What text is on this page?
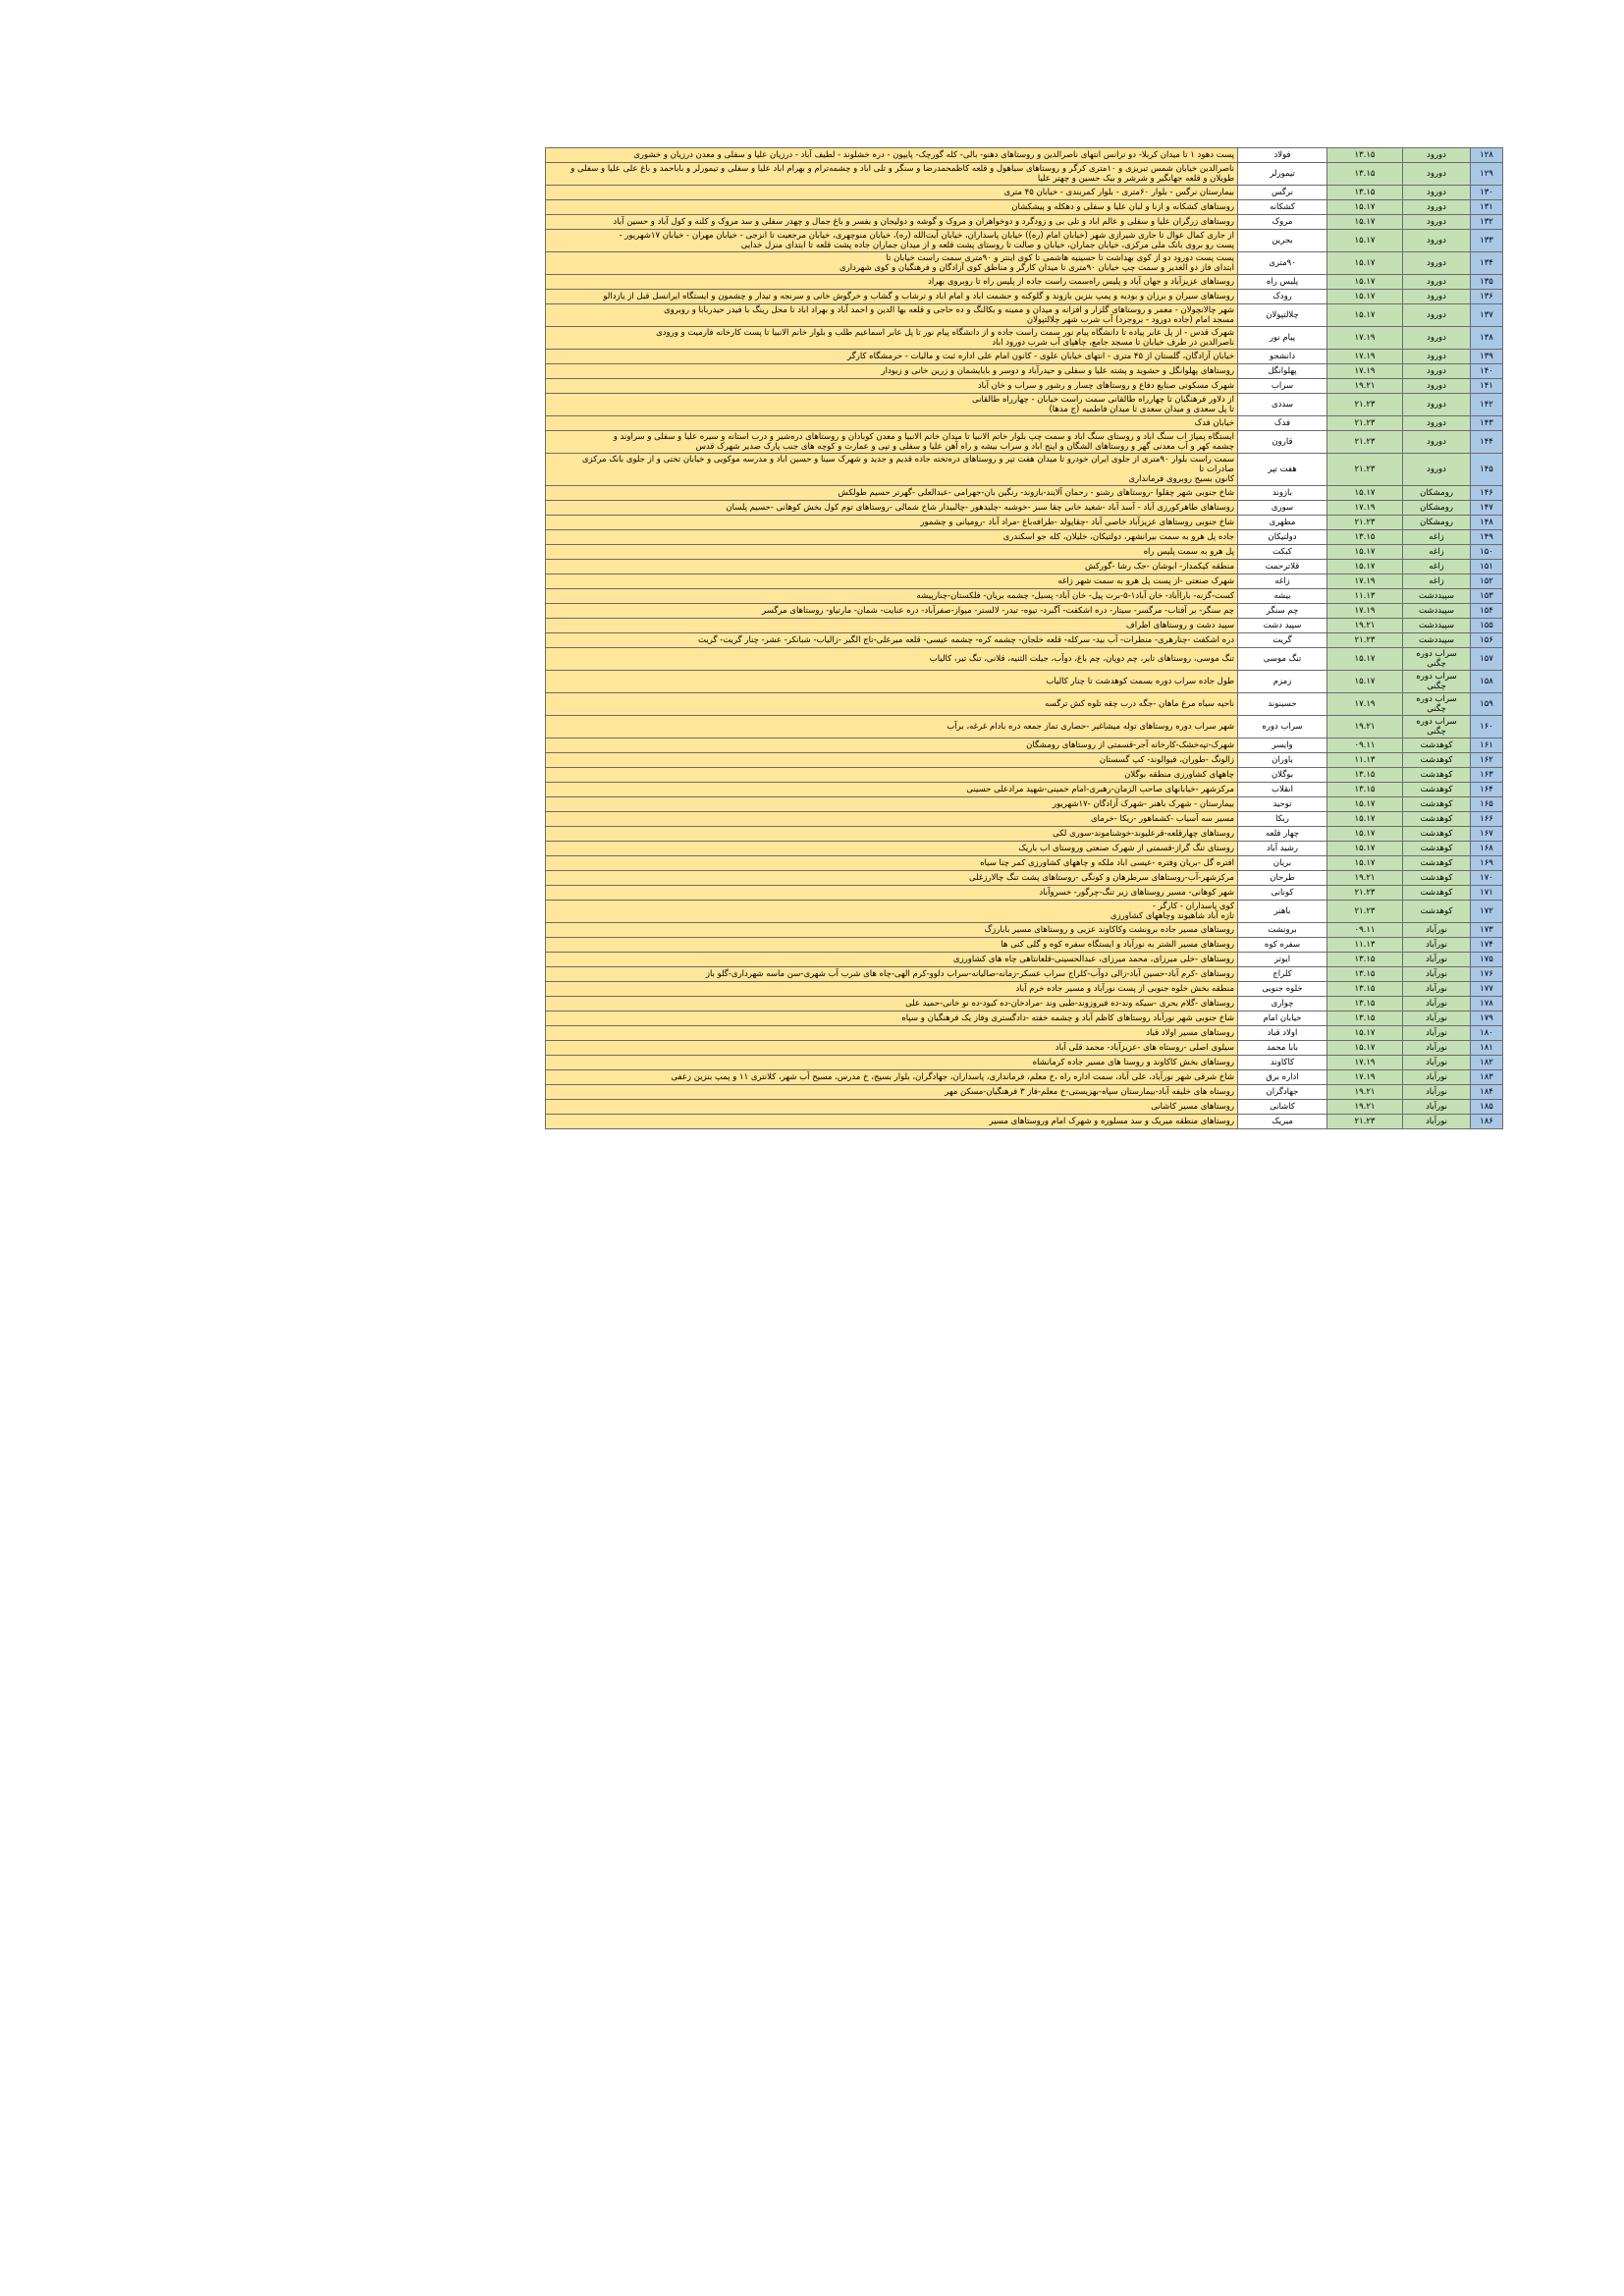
۱۲۸	دورود	۱۳.۱۵	فولاد	پست دهود ۱ تا میدان کربلا- دو ترانس انتهای ناصرالدین و روستاهای دهنو- بالی- کله گورچک- پایپون - دره خشلوند - لطیف آباد - درزیان علیا و سفلی و معدن درزیان و خشوری
۱۲۹	دورود	۱۳.۱۵	تیمورلر	ناصرالدین خیابان شمس تبریزی و ۱۰متری کرگر و روستاهای سیاهول و قلعه کاظمحمدرضا و سنگر و تلی اباد و چشمه‌ترام و بهرام اباد علیا و سفلی و تیمورلر و باباحمد و باغ علی علیا و سفلی و
طویلان و قلعه جهانگیر و شرشر و بیک حسین و چهتر علیا
۱۳۰	دورود	۱۳.۱۵	نرگس	بیمارستان نرگس - بلوار ۶۰متری - بلوار کمربندی - خیابان ۴۵ متری
۱۳۱	دورود	۱۵.۱۷	کشکانه	روستاهای کشکانه و ازنا و لبان علیا و سفلی و دهکله و پیشکشان
۱۳۲	دورود	۱۵.۱۷	مروک	روستاهای زرگران علیا و سفلی و عالم اباد و تلی بی و زودگرد و دوخواهران و مروک و گوشه و دولیجان و بفسر و باغ جمال و چهدر سفلی و سد مروک و کلنه و کول آباد و حسین آباد
۱۳۳	دورود	۱۵.۱۷	بحرین	از جاری کمال عوال تا جاری شیرازی شهر (خیابان امام (ره)) خیابان پاسداران، خیابان آیت‌الله (ره)، خیابان منوچهری، خیابان مرجعیت تا انزجی - خیابان مهران - خیابان ۱۷شهریور -
پست رو بروی بانک ملی مرکزی، خیابان جماران، خیابان و صالت تا روستای پشت قلعه و از میدان جماران جاده پشت قلعه تا ابتدای منزل خدایی
۱۳۴	دورود	۱۵.۱۷	۹۰متری	پست پست دورود دو از کوی بهداشت تا حسینیه هاشمی تا کوی اینتر و ۹۰متری سمت راست خیابان تا
ابتدای فاز دو الغدیر و سمت چپ خیابان ۹۰متری تا میدان کارگر و مناطق کوی آزادگان و فرهنگیان و کوی شهرداری
۱۳۵	دورود	۱۵.۱۷	پلیس راه	روستاهای عزیزآباد و جهان آباد و پلیس راه‌سمت راست جاده از پلیس راه تا روبروی بهراد
۱۳۶	دورود	۱۵.۱۷	رودک	روستاهای سیران و برزان و بودیه و پمپ بنزین بازوند و گلوکنه و حشمت اباد و امام اباد و ترشاب و گشاب و خرگوش خانی و سرنجه و تیدار و چشمون و ایستگاه ایرانسل قبل از یازدالو
۱۳۷	دورود	۱۵.۱۷	چلالتپولان	شهر چالانچولان - معمر و روستاهای گلزار و افزانه و میدان و ممینه و بکالنگ و ده حاجی و قلعه بها الدین و احمد آباد و بهراد اباد تا محل رینگ با فیدر حیدربابا و روبروی
مسجد امام (جاده دورود - بروجرد) آب شرب شهر چلالتپولان
۱۳۸	دورود	۱۷.۱۹	پیام نور	شهرک قدس - از پل عابر پیاده تا دانشگاه پیام نور سمت راست جاده و از دانشگاه پیام نور تا پل عابر اسماعیم طلب و بلوار خانم الانبیا تا پست کارخانه فارمیت و ورودی
ناصرالدین در طرف خیابان تا مسجد جامع، چاهپای آب شرب دورود اباد
۱۳۹	دورود	۱۷.۱۹	دانشجو	خیابان آزادگان، گلستان از ۴۵ متری - انتهای خیابان علوی - کانون امام علی اداره ثبت و مالیات - حرمشگاه کارگر
۱۴۰	دورود	۱۷.۱۹	پهلوانگل	روستاهای پهلوانگل و حشوید و پشته علیا و سفلی و حیدرآباد و دوسر و بابایشمان و زرین خانی و زیودار
۱۴۱	دورود	۱۹.۲۱	سراب	شهرک مسکونی صنایع دفاع و روستاهای چسار و رشور و سراب و خان آباد
۱۴۲	دورود	۲۱.۲۳	سددی	از دلاور فرهنگیان تا چهارراه طالقانی سمت راست خیابان - چهارراه طالقانی
تا پل سعدی و میدان سعدی تا میدان فاطمیه (ج مدها)
۱۴۳	دورود	۲۱.۲۳	فدک	خیابان فدک
۱۴۴	دورود	۲۱.۲۳	قارون	ایستگاه پمپاژ اب سنگ اباد و روستای سنگ اباد و سمت چپ بلوار خاتم الانبیا تا میدان خاتم الانبیا و معدن کوبادان و روستاهای دره‌شیر و درب استانه و سیره علیا و سفلی و سراوند و
چشمه کهر و آب معدنی گهر و روستاهای الشگان و اینج اباد و سراب بیشه و راه آهن علیا و سفلی و تپی و عمارت و کوچه های جنب پارک صدیر شهرک قدس
۱۴۵	دورود	۲۱.۲۳	هفت تپر	سمت راست بلوار ۹۰متری از جلوی ایران خودرو تا میدان هفت تپر و روستاهای دره‌تخته جاده قدیم و جدید و شهرک سینا و حسین اباد و مدرسه موکویی و خیابان تختی و از جلوی بانک مرکزی
صادرات تا
کانون بسیج روبروی فرمانداری
۱۴۶	رومشکان	۱۵.۱۷	بازوند	شاخ جنوبی شهر چقلوا -روستاهای رشنو - رحمان آلایند-بازوند- رنگین بان-جهرامی -عبدالعلی -گهرتر حسیم طولکش
۱۴۷	رومشکان	۱۷.۱۹	سوری	روستاهای طاهرکورزی آباد - آسد آباد -شغید خانی چقا سبز -خوشبه -چلیدهور -چالبیدار شاخ شمالی -روستاهای توم کول بخش کوهانی -حسیم پلسان
۱۴۸	رومشکان	۲۱.۲۳	مطهری	شاخ جنوبی روستاهای عزیزآباد خاصی آباد -چقاپولد -طرافه‌باغ -مراد آباد -رومیانی و چشمور
۱۴۹	زاغه	۱۳.۱۵	دولتیکان	جاده پل هرو به سمت بیرانشهر، دولتیکان، خلیلان، کله جو اسکندری
۱۵۰	زاغه	۱۵.۱۷	کبکت	پل هرو به سمت پلیس راه
۱۵۱	زاغه	۱۵.۱۷	قلاترحمت	منطقه کیکمدار- ابوشان -جک رشا -گورکش
۱۵۲	زاغه	۱۷.۱۹	زاغه	شهرک صنعتی -از پست پل هرو به سمت شهر زاغه
۱۵۳	سپیددشت	۱۱.۱۳	بیشه	کست-گزنه- باراآباد- خان آباد۱-۵-برت پیل- خان آباد- پسیل- چشمه بریان- فلکستان-چنارپیشه
۱۵۴	سپیددشت	۱۷.۱۹	چم سنگر	چم سنگر- بر آفتاب- مرگسر- سیتار- دره اشکفت- آگبرد- تیوه- تیدر- لالستر- میواز-صفرآباد- دره عنایت- شمان- مارتیاو- روستاهای مرگسر
۱۵۵	سپیددشت	۱۹.۲۱	سپید دشت	سپید دشت و روستاهای اطراف
۱۵۶	سپیددشت	۲۱.۲۳	گریت	دره اشکفت -چنارهری- منطرات- آب بید- سرکله- قلعه خلجان- چشمه کره- چشمه عیسی- قلعه میرعلی-تاج الگیر -زالیاب- شبانکر- عشر- چنار گریت- گریت
۱۵۷	سراب دوره چگنی	۱۵.۱۷	تنگ موسی	تنگ موسی، روستاهای تایر، چم دوپان، چم باغ، دوآب، جیلت الثنیه، قلانی، تنگ تیر، کالیاب
۱۵۸	سراب دوره چگنی	۱۵.۱۷	زمزم	طول جاده سراب دوره بسمت کوهدشت تا چنار کالیاب
۱۵۹	سراب دوره چگنی	۱۷.۱۹	حسینوند	ناحیه سیاه مرغ ماهان -جگه درب چقه تلوه کش ترگسه
۱۶۰	سراب دوره چگنی	۱۹.۲۱	سراب دوره	شهر سراب دوره روستاهای توله میشاغیر -حصاری تماز جمعه دره بادام غرغه، برآب
۱۶۱	کوهدشت	۰۹.۱۱	وایسر	شهرک-تپه‌خشک-کارخانه آجر-قسمتی از روستاهای رومشگان
۱۶۲	کوهدشت	۱۱.۱۳	باوران	زالونگ -طوران، قیوالوند- کپ گسستان
۱۶۳	کوهدشت	۱۳.۱۵	بوگلان	چاههای کشاورزی منطقه بوگلان
۱۶۴	کوهدشت	۱۳.۱۵	انقلاب	مرکزشهر -خیابانهای صاحب الزمان-رهبری-امام خمینی-شهید مرادعلی حسینی
۱۶۵	کوهدشت	۱۵.۱۷	توحید	بیمارستان - شهرک باهنر -شهرک آزادگان -۱۷شهریور
۱۶۶	کوهدشت	۱۵.۱۷	ریکا	مسیر سه آسیاب -کشماهور -ریکا -خرمای
۱۶۷	کوهدشت	۱۵.۱۷	چهار قلعه	روستاهای چهارقلعه-قرعلیوند-خوشناموند-سوری لکی
۱۶۸	کوهدشت	۱۵.۱۷	رشید آباد	روستای تنگ گراز-قسمتی از شهرک صنعتی وروستای اب باریک
۱۶۹	کوهدشت	۱۵.۱۷	بریان	افتره گل -بریان وفتره -عیسی اباد ملکه و چاههای کشاورزی کمر چنا سیاه
۱۷۰	کوهدشت	۱۹.۲۱	طرحان	مرکزشهر-آب-روستاهای سرطرهان و کونگی -روستاهای پشت تنگ چالارزغلی
۱۷۱	کوهدشت	۲۱.۲۳	کونانی	شهر کوهانی- مسیر روستاهای زیر تنگ-چرگور- خسروآباد
۱۷۲	کوهدشت	۲۱.۲۳	باهنر	کوی پاسداران - کارگر -
تازه آباد شاهیوند وچاههای کشاورزی
۱۷۳	نورآباد	۰۹.۱۱	برونشت	روستاهای مسیر جاده برونشت وکاکاوند عزیی و روستاهای مسیر بابارزگ
۱۷۴	نورآباد	۱۱.۱۳	سفره کوه	روستاهای مسیر الشتر به نورآباد و ایستگاه سفره کوه و گلی کنی ها
۱۷۵	نورآباد	۱۳.۱۵	ایوتر	روستاهای -خلی میرزای، محمد میرزای، عبدالحسینی-قلعانتاهی چاه های کشاورزی
۱۷۶	نورآباد	۱۳.۱۵	کلراج	روستاهای -کرم آباد-حسین آباد-زالی دوآب-کلراج سراب عسکر-زمانه-صالیانه-سراب دلوو-کرم الهی-چاه های شرب آب شهری-سن ماسه شهرداری-گلو باز
۱۷۷	نورآباد	۱۳.۱۵	خلوه جنوبی	منطقه بخش خلوه جنوبی از پست نورآباد و مسیر جاده خرم آباد
۱۷۸	نورآباد	۱۳.۱۵	چواری	روستاهای -گلام بحری -سیکه وند-ده فیروزوند-طبی وند -مرادخان-ده کبود-ده نو خانی-حمید علی
۱۷۹	نورآباد	۱۳.۱۵	خیابان امام	شاخ جنوبی شهر نورآباد روستاهای کاظم آباد و چشمه خفته -دادگستری وفاز یک فرهنگیان و سپاه
۱۸۰	نورآباد	۱۵.۱۷	اولاد قباد	روستاهای مسیر اولاد قباد
۱۸۱	نورآباد	۱۵.۱۷	بابا محمد	سیلوی اصلی -روستاه های -عزیزآباد- محمد قلی آباد
۱۸۲	نورآباد	۱۷.۱۹	کاکاوند	روستاهای بخش کاکاوند و روستا های مسیر جاده کرمانشاه
۱۸۳	نورآباد	۱۷.۱۹	اداره برق	شاخ شرقی شهر نورآباد، علی آباد، سمت اداره راه ،خ معلم، فرمانداری، پاسداران، جهادگران، بلوار بسیج، خ مدرس، مسیح آب شهر، کلانتری ۱۱ و پمپ بنزین زعفی
۱۸۴	نورآباد	۱۹.۲۱	جهادگران	روستاه های خلیفه آباد-بیمارستان سپاه-بهزیستی-خ معلم-فاز ۳ فرهنگیان-مسکن مهر
۱۸۵	نورآباد	۱۹.۲۱	کاشانی	روستاهای مسیر کاشانی
۱۸۶	نورآباد	۲۱.۲۳	میریک	روستاهای منطقه میریک و سد مسلوره و شهرک امام وروستاهای مسیر
